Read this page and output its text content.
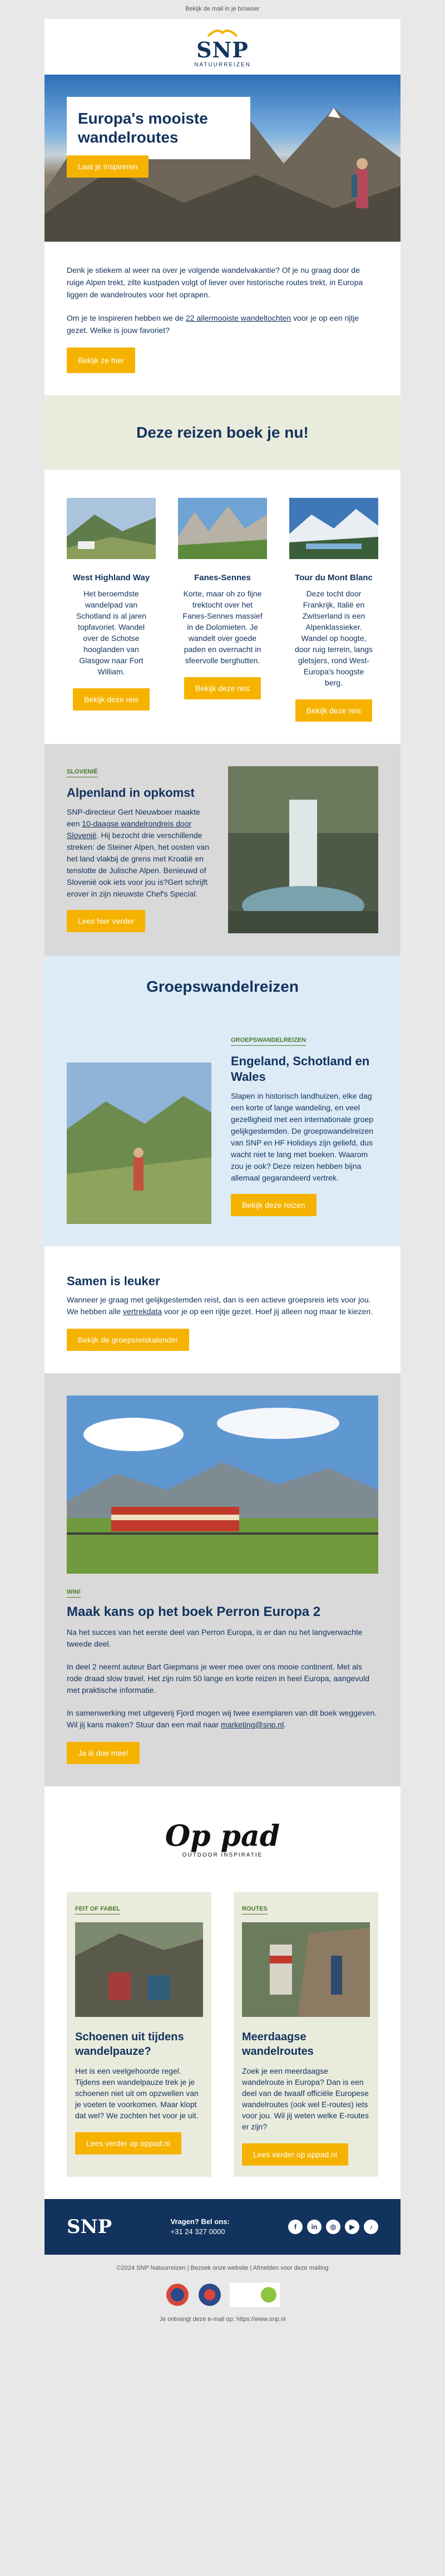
Bekijk de mail in je browser
SNP
NATUURREIZEN
Europa's mooiste wandelroutes
Laat je inspireren

Denk je stiekem al weer na over je volgende wandelvakantie? Of je nu graag door de ruige Alpen trekt, zilte kustpaden volgt of liever over historische routes trekt, in Europa liggen de wandelroutes voor het oprapen.

Om je te inspireren hebben we de 22 allermooiste wandeltochten voor je op een rijtje gezet. Welke is jouw favoriet?

Bekijk ze hier
Deze reizen boek je nu!
West Highland Way

Het beroemdste wandelpad van Schotland is al jaren topfavoriet. Wandel over de Schotse hooglanden van Glasgow naar Fort William.

Bekijk deze reis
Fanes-Sennes

Korte, maar oh zo fijne trektocht over het Fanes-Sennes massief in de Dolomieten. Je wandelt over goede paden en overnacht in sfeervolle berghutten.

Bekijk deze reis
Tour du Mont Blanc

Deze tocht door Frankrijk, Italië en Zwitserland is een Alpenklassieker. Wandel op hoogte, door ruig terrein, langs gletsjers, rond West-Europa's hoogste berg.

Bekijk deze reis
SLOVENIË
Alpenland in opkomst

SNP-directeur Gert Nieuwboer maakte een 10-daagse wandelrondreis door Slovenië. Hij bezocht drie verschillende streken: de Steiner Alpen, het oosten van het land vlakbij de grens met Kroatië en tenslotte de Julische Alpen. Benieuwd of Slovenië ook iets voor jou is?Gert schrijft erover in zijn nieuwste Chef's Special.

Lees hier verder
Groepswandelreizen
GROEPSWANDELREIZEN
Engeland, Schotland en Wales

Slapen in historisch landhuizen, elke dag een korte of lange wandeling, en veel gezelligheid met een internationale groep gelijkgestemden. De groepswandelreizen van SNP en HF Holidays zijn geliefd, dus wacht niet te lang met boeken. Waarom zou je ook? Deze reizen hebben bijna allemaal gegarandeerd vertrek.

Bekijk deze reizen
Samen is leuker

Wanneer je graag met gelijkgestemden reist, dan is een actieve groepsreis iets voor jou. We hebben alle vertrekdata voor je op een rijtje gezet. Hoef jij alleen nog maar te kiezen.

Bekijk de groepsreiskalender
WIN!
Maak kans op het boek Perron Europa 2

Na het succes van het eerste deel van Perron Europa, is er dan nu het langverwachte tweede deel.

In deel 2 neemt auteur Bart Giepmans je weer mee over ons mooie continent. Met als rode draad slow travel. Het zijn ruim 50 lange en korte reizen in heel Europa, aangevuld met praktische informatie.

In samenwerking met uitgeverij Fjord mogen wij twee exemplaren van dit boek weggeven. Wil jij kans maken? Stuur dan een mail naar marketing@snp.nl.

Ja ik doe mee!
Op pad
OUTDOOR INSPIRATIE
FEIT OF FABEL
Schoenen uit tijdens wandelpauze?

Het is een veelgehoorde regel. Tijdens een wandelpauze trek je je schoenen niet uit om opzwellen van je voeten te voorkomen. Maar klopt dat wel? We zochten het voor je uit.

Lees verder op oppad.nl
ROUTES
Meerdaagse wandelroutes

Zoek je een meerdaagse wandelroute in Europa? Dan is een deel van de twaalf officiële Europese wandelroutes (ook wel E-routes) iets voor jou. Wil jij weten welke E-routes er zijn?

Lees verder op oppad.nl
SNP	Vragen? Bel ons:
+31 24 327 0000
f	in	◎	▶	♪
©2024 SNP Natuurreizen | Bezoek onze website | Afmelden voor deze mailing
Je ontvangt deze e-mail op: https://www.snp.nl
